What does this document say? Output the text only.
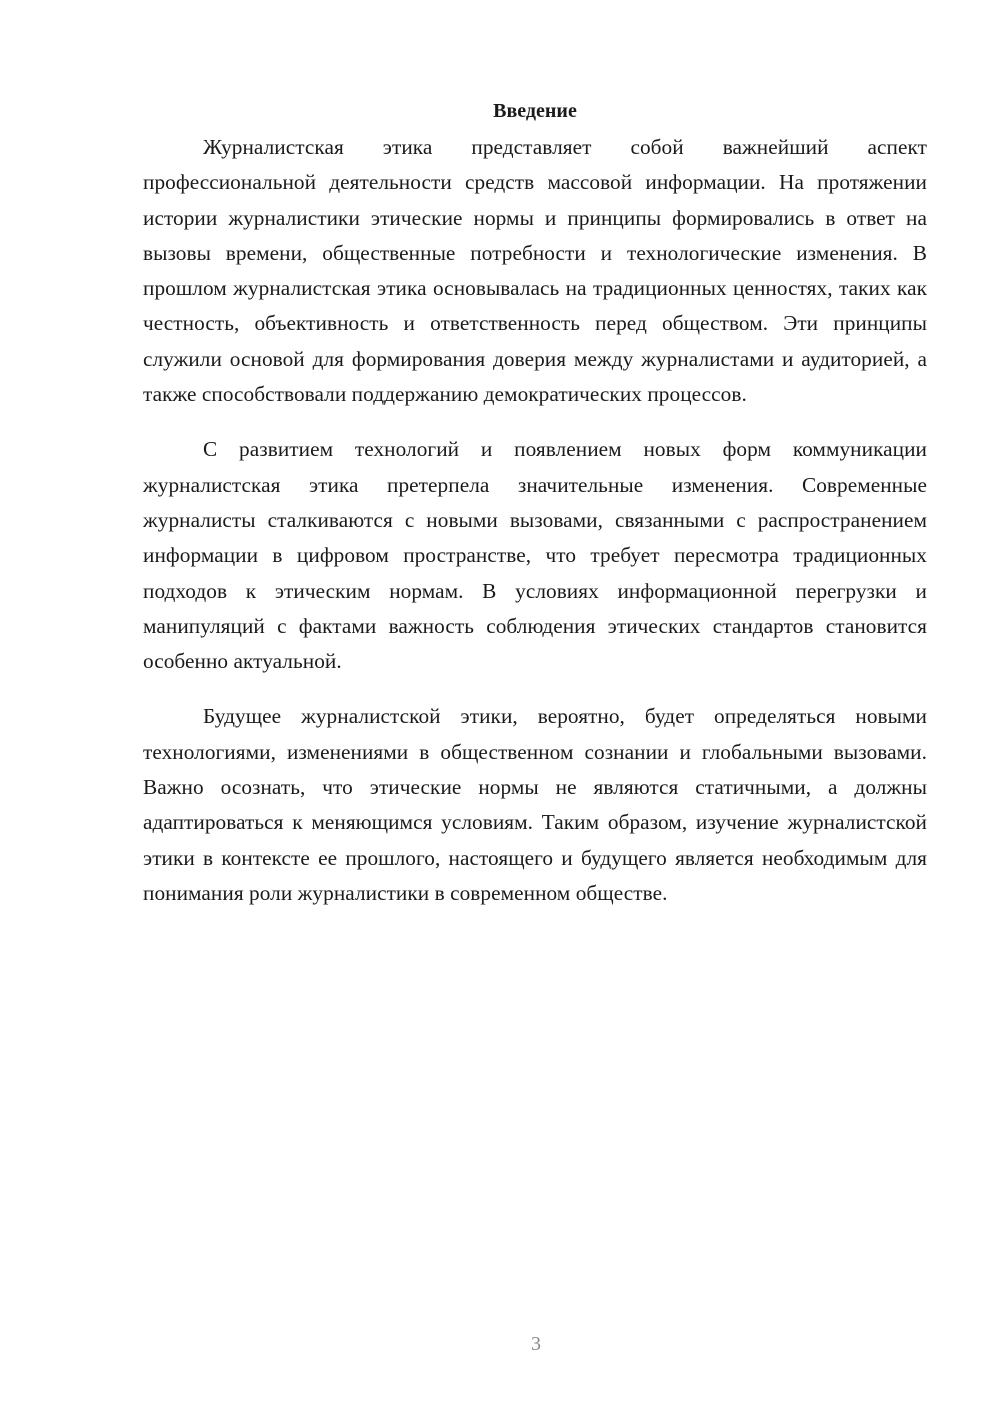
Введение

Журналистская этика представляет собой важнейший аспект профессиональной деятельности средств массовой информации. На протяжении истории журналистики этические нормы и принципы формировались в ответ на вызовы времени, общественные потребности и технологические изменения. В прошлом журналистская этика основывалась на традиционных ценностях, таких как честность, объективность и ответственность перед обществом. Эти принципы служили основой для формирования доверия между журналистами и аудиторией, а также способствовали поддержанию демократических процессов.

С развитием технологий и появлением новых форм коммуникации журналистская этика претерпела значительные изменения. Современные журналисты сталкиваются с новыми вызовами, связанными с распространением информации в цифровом пространстве, что требует пересмотра традиционных подходов к этическим нормам. В условиях информационной перегрузки и манипуляций с фактами важность соблюдения этических стандартов становится особенно актуальной.

Будущее журналистской этики, вероятно, будет определяться новыми технологиями, изменениями в общественном сознании и глобальными вызовами. Важно осознать, что этические нормы не являются статичными, а должны адаптироваться к меняющимся условиям. Таким образом, изучение журналистской этики в контексте ее прошлого, настоящего и будущего является необходимым для понимания роли журналистики в современном обществе.

3
